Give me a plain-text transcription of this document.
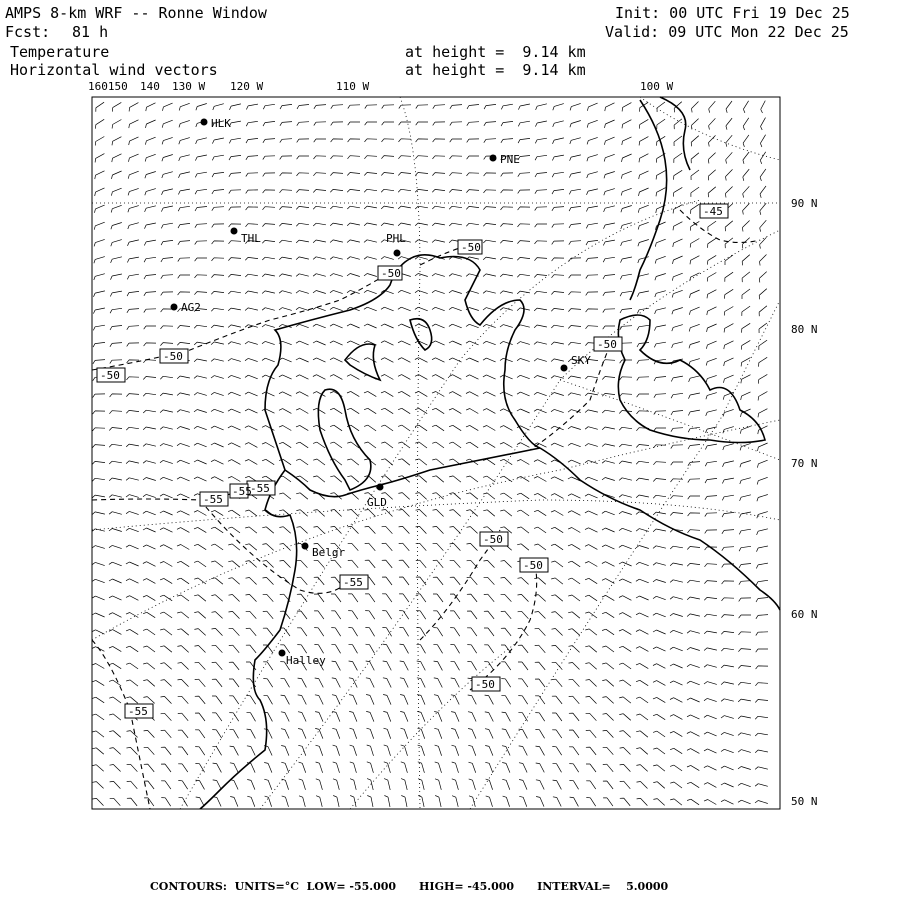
AMPS 8-km WRF -- Ronne Window
Fcst: 81 h
Temperature
Horizontal wind vectors
Init: 00 UTC Fri 19 Dec 25
Valid: 09 UTC Mon 22 Dec 25
at height =  9.14 km
at height =  9.14 km
-50
-50
-45
-50
-50
-50
-55
-55
-55
-50
-50
-55
-50
-55
HLK
PNE
THL	PHL
AG2
SKY
GLD
Belgr
Halley
160150 140 130 W 120 W	110 W	100 W
90 N
80 N
70 N
60 N
50 N
CONTOURS: UNITS=°C LOW= -55.000 HIGH= -45.000 INTERVAL=    5.0000
